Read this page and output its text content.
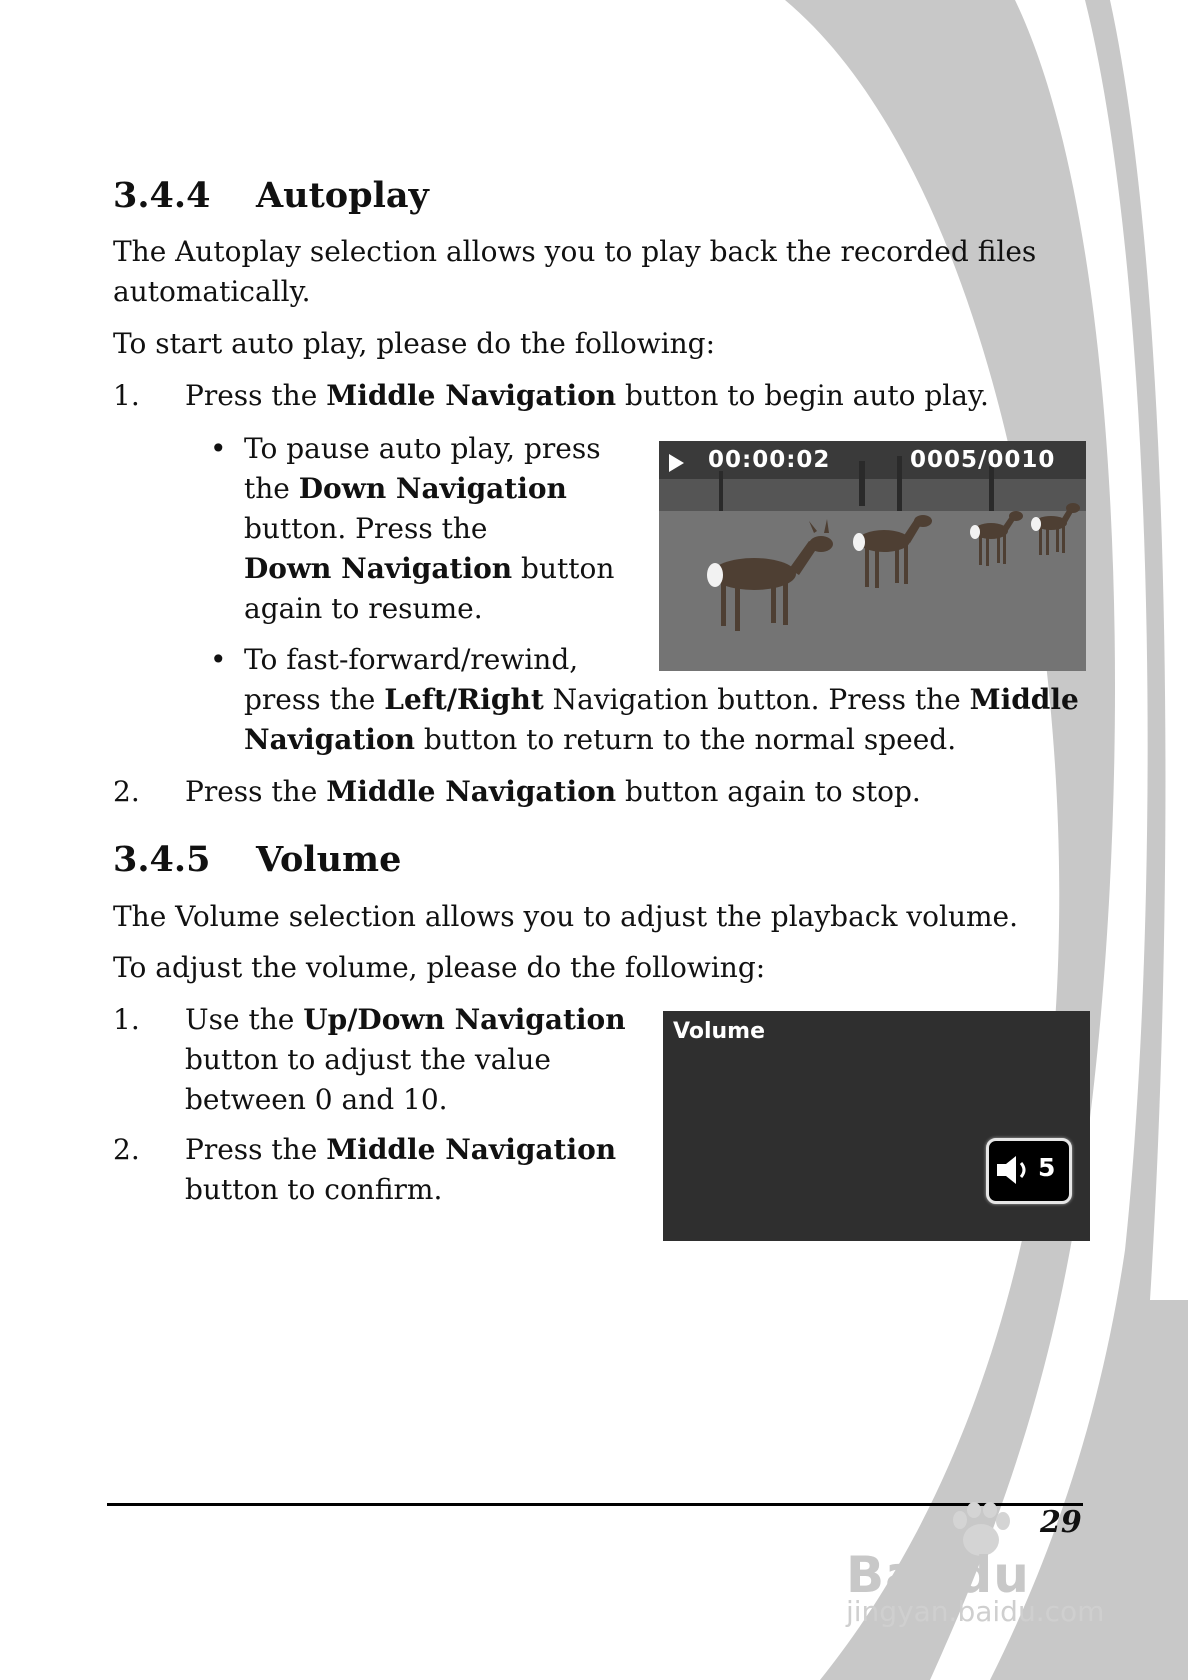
3.4.4 Autoplay

The Autoplay selection allows you to play back the recorded files automatically.

To start auto play, please do the following:

1. Press the Middle Navigation button to begin auto play.
• To pause auto play, press
the Down Navigation
button. Press the
Down Navigation button
again to resume.
• To fast-forward/rewind,
press the Left/Right Navigation button. Press the Middle
Navigation button to return to the normal speed.
2. Press the Middle Navigation button again to stop.
00:00:02	0005/0010
3.4.5 Volume

The Volume selection allows you to adjust the playback volume.

To adjust the volume, please do the following:

1. Use the Up/Down Navigation
button to adjust the value
between 0 and 10.
2. Press the Middle Navigation
button to confirm.
Volume
5
29
Bai du 经验
jingyan.baidu.com
